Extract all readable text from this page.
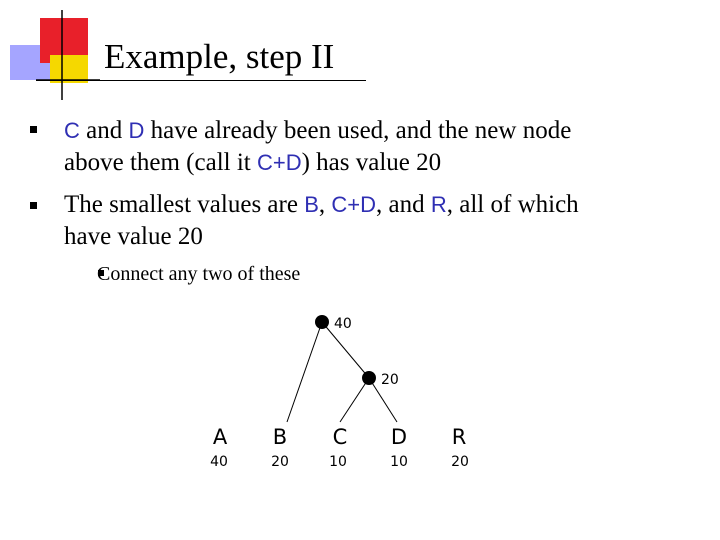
Example, step II
C and D have already been used, and the new node
above them (call it C+D) has value 20
The smallest values are B, C+D, and R, all of which
have value 20
Connect any two of these
40
20
A B C D R
40	20	10	10	20
